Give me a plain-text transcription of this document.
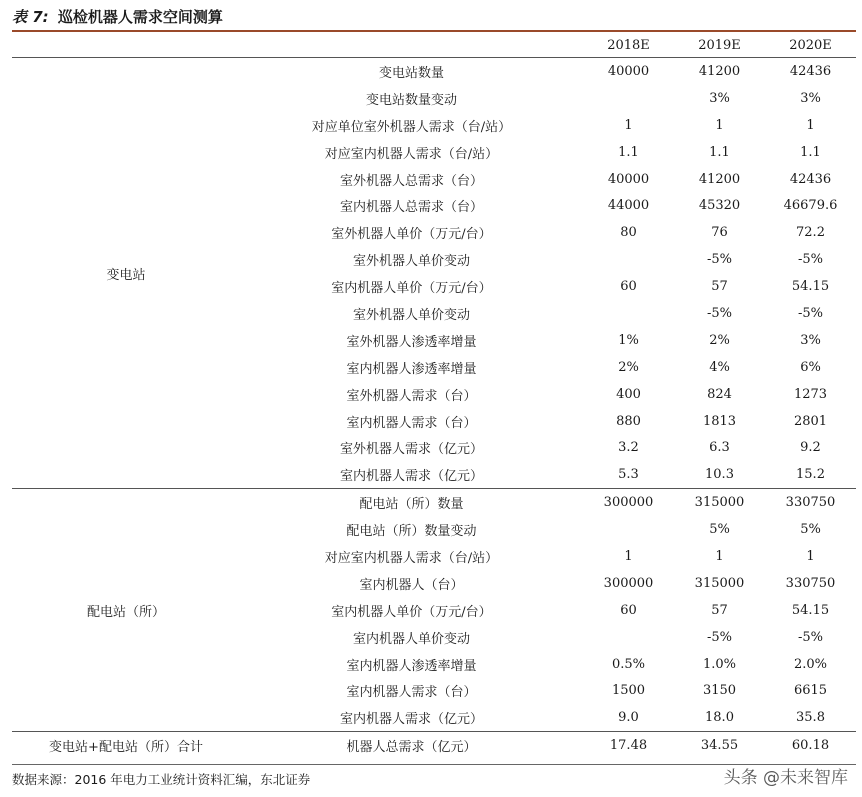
表 7: 巡检机器人需求空间测算
		2018E	2019E	2020E
变电站	变电站数量	40000	41200	42436
	变电站数量变动		3%	3%
	对应单位室外机器人需求（台/站）	1	1	1
	对应室内机器人需求（台/站）	1.1	1.1	1.1
	室外机器人总需求（台）	40000	41200	42436
	室内机器人总需求（台）	44000	45320	46679.6
	室外机器人单价（万元/台）	80	76	72.2
	室外机器人单价变动		-5%	-5%
	室内机器人单价（万元/台）	60	57	54.15
	室外机器人单价变动		-5%	-5%
	室外机器人渗透率增量	1%	2%	3%
	室内机器人渗透率增量	2%	4%	6%
	室外机器人需求（台）	400	824	1273
	室内机器人需求（台）	880	1813	2801
	室外机器人需求（亿元）	3.2	6.3	9.2
	室内机器人需求（亿元）	5.3	10.3	15.2
配电站（所）	配电站（所）数量	300000	315000	330750
	配电站（所）数量变动		5%	5%
	对应室内机器人需求（台/站）	1	1	1
	室内机器人（台）	300000	315000	330750
	室内机器人单价（万元/台）	60	57	54.15
	室内机器人单价变动		-5%	-5%
	室内机器人渗透率增量	0.5%	1.0%	2.0%
	室内机器人需求（台）	1500	3150	6615
	室内机器人需求（亿元）	9.0	18.0	35.8
变电站+配电站（所）合计	机器人总需求（亿元）	17.48	34.55	60.18
数据来源：2016 年电力工业统计资料汇编，东北证券	头条 @未来智库
